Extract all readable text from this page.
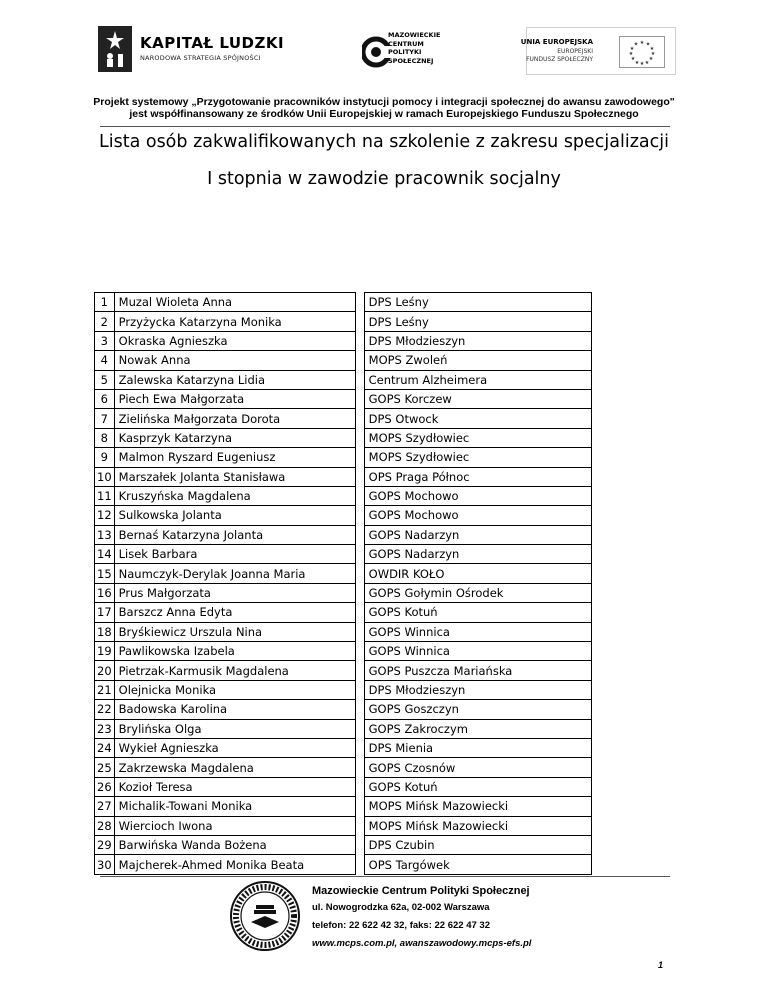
KAPITAŁ LUDZKI
NARODOWA STRATEGIA SPÓJNOŚCI
MAZOWIECKIE
CENTRUM
POLITYKI
SPOŁECZNEJ
UNIA EUROPEJSKA
EUROPEJSKI
FUNDUSZ SPOŁECZNY
★ ★
★
★
★
★
★
★
★
★
★
★
Projekt systemowy „Przygotowanie pracowników instytucji pomocy i integracji społecznej do awansu zawodowego"
jest współfinansowany ze środków Unii Europejskiej w ramach Europejskiego Funduszu Społecznego
Lista osób zakwalifikowanych na szkolenie z zakresu specjalizacji
I stopnia w zawodzie pracownik socjalny
1	Muzal Wioleta Anna		DPS Leśny
2	Przyżycka Katarzyna Monika		DPS Leśny
3	Okraska Agnieszka		DPS Młodzieszyn
4	Nowak Anna		MOPS Zwoleń
5	Zalewska Katarzyna Lidia		Centrum Alzheimera
6	Piech Ewa Małgorzata		GOPS Korczew
7	Zielińska Małgorzata Dorota		DPS Otwock
8	Kasprzyk Katarzyna		MOPS Szydłowiec
9	Malmon Ryszard Eugeniusz		MOPS Szydłowiec
10	Marszałek Jolanta Stanisława		OPS Praga Północ
11	Kruszyńska Magdalena		GOPS Mochowo
12	Sulkowska Jolanta		GOPS Mochowo
13	Bernaś Katarzyna Jolanta		GOPS Nadarzyn
14	Lisek Barbara		GOPS Nadarzyn
15	Naumczyk-Derylak Joanna Maria		OWDIR KOŁO
16	Prus Małgorzata		GOPS Gołymin Ośrodek
17	Barszcz Anna Edyta		GOPS Kotuń
18	Bryśkiewicz Urszula Nina		GOPS Winnica
19	Pawlikowska Izabela		GOPS Winnica
20	Pietrzak-Karmusik Magdalena		GOPS Puszcza Mariańska
21	Olejnicka Monika		DPS Młodzieszyn
22	Badowska Karolina		GOPS Goszczyn
23	Brylińska Olga		GOPS Zakroczym
24	Wykieł Agnieszka		DPS Mienia
25	Zakrzewska Magdalena		GOPS Czosnów
26	Kozioł Teresa		GOPS Kotuń
27	Michalik-Towani Monika		MOPS Mińsk Mazowiecki
28	Wiercioch Iwona		MOPS Mińsk Mazowiecki
29	Barwińska Wanda Bożena		DPS Czubin
30	Majcherek-Ahmed Monika Beata		OPS Targówek
Mazowieckie Centrum Polityki Społecznej
ul. Nowogrodzka 62a, 02-002 Warszawa
telefon: 22 622 42 32, faks: 22 622 47 32
www.mcps.com.pl, awanszawodowy.mcps-efs.pl
1
